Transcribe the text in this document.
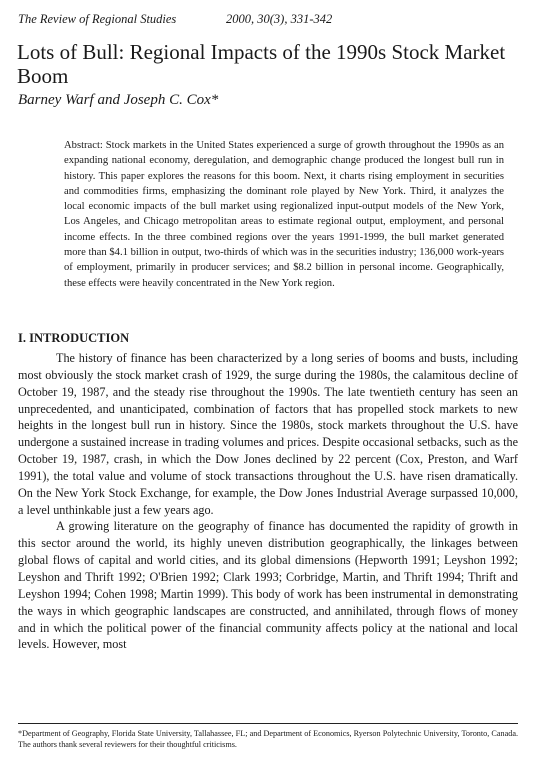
The Review of Regional Studies	2000, 30(3), 331-342
Lots of Bull: Regional Impacts of the 1990s Stock Market Boom
Barney Warf and Joseph C. Cox*

Abstract: Stock markets in the United States experienced a surge of growth throughout the 1990s as an expanding national economy, deregulation, and demographic change produced the longest bull run in history. This paper explores the reasons for this boom. Next, it charts rising employment in securities and commodities firms, emphasizing the dominant role played by New York. Third, it analyzes the local economic impacts of the bull market using regionalized input-output models of the New York, Los Angeles, and Chicago metropolitan areas to estimate regional output, employment, and personal income effects. In the three combined regions over the years 1991-1999, the bull market generated more than $4.1 billion in output, two-thirds of which was in the securities industry; 136,000 work-years of employment, primarily in producer services; and $8.2 billion in personal income. Geographically, these effects were heavily concentrated in the New York region.

I. INTRODUCTION

The history of finance has been characterized by a long series of booms and busts, including most obviously the stock market crash of 1929, the surge during the 1980s, the calamitous decline of October 19, 1987, and the steady rise throughout the 1990s. The late twentieth century has seen an unprecedented, and unanticipated, combination of factors that has propelled stock markets to new heights in the longest bull run in history. Since the 1980s, stock markets throughout the U.S. have undergone a sustained increase in trading volumes and prices. Despite occasional setbacks, such as the October 19, 1987, crash, in which the Dow Jones declined by 22 percent (Cox, Preston, and Warf 1991), the total value and volume of stock transactions throughout the U.S. have risen dramatically. On the New York Stock Exchange, for example, the Dow Jones Industrial Average surpassed 10,000, a level unthinkable just a few years ago.

A growing literature on the geography of finance has documented the rapidity of growth in this sector around the world, its highly uneven distribution geographically, the linkages between global flows of capital and world cities, and its global dimensions (Hepworth 1991; Leyshon 1992; Leyshon and Thrift 1992; O'Brien 1992; Clark 1993; Corbridge, Martin, and Thrift 1994; Thrift and Leyshon 1994; Cohen 1998; Martin 1999). This body of work has been instrumental in demonstrating the ways in which geographic landscapes are constructed, and annihilated, through flows of money and in which the political power of the financial community affects policy at the national and local levels. However, most

*Department of Geography, Florida State University, Tallahassee, FL; and Department of Economics, Ryerson Polytechnic University, Toronto, Canada. The authors thank several reviewers for their thoughtful criticisms.
